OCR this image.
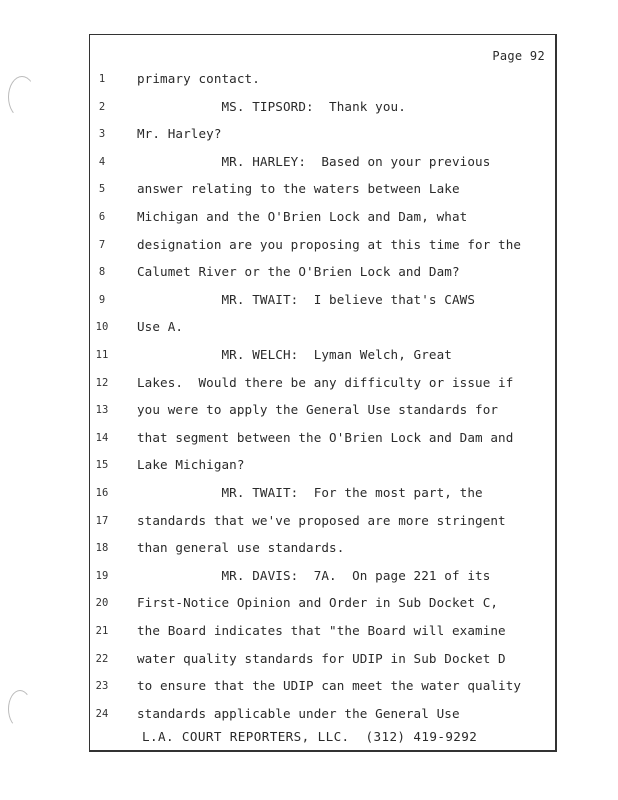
Page 92
1	primary contact.
2	MS. TIPSORD:  Thank you.
3	Mr. Harley?
4	MR. HARLEY:  Based on your previous
5	answer relating to the waters between Lake
6	Michigan and the O'Brien Lock and Dam, what
7	designation are you proposing at this time for the
8	Calumet River or the O'Brien Lock and Dam?
9	MR. TWAIT:  I believe that's CAWS
10	Use A.
11	MR. WELCH:  Lyman Welch, Great
12	Lakes.  Would there be any difficulty or issue if
13	you were to apply the General Use standards for
14	that segment between the O'Brien Lock and Dam and
15	Lake Michigan?
16	MR. TWAIT:  For the most part, the
17	standards that we've proposed are more stringent
18	than general use standards.
19	MR. DAVIS:  7A.  On page 221 of its
20	First-Notice Opinion and Order in Sub Docket C,
21	the Board indicates that "the Board will examine
22	water quality standards for UDIP in Sub Docket D
23	to ensure that the UDIP can meet the water quality
24	standards applicable under the General Use
L.A. COURT REPORTERS, LLC.  (312) 419-9292
